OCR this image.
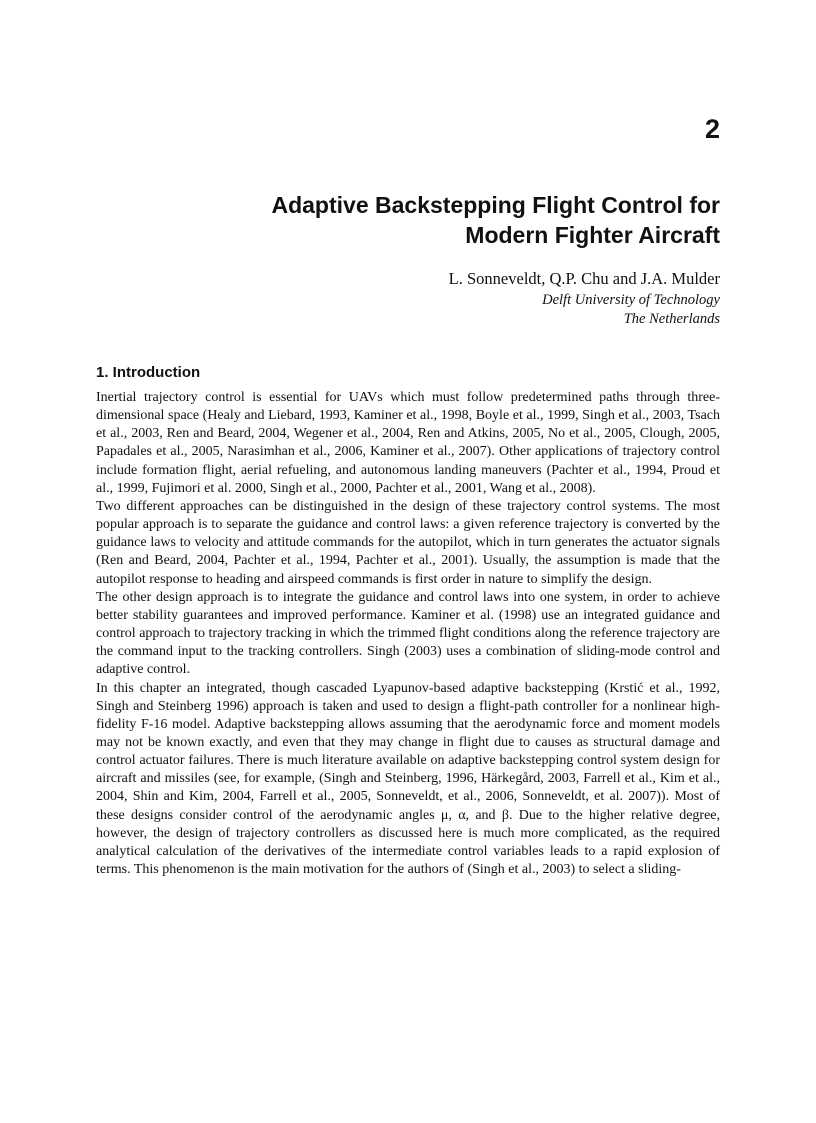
2
Adaptive Backstepping Flight Control for
Modern Fighter Aircraft

L. Sonneveldt, Q.P. Chu and J.A. Mulder

Delft University of Technology
The Netherlands

1. Introduction

Inertial trajectory control is essential for UAVs which must follow predetermined paths through three-dimensional space (Healy and Liebard, 1993, Kaminer et al., 1998, Boyle et al., 1999, Singh et al., 2003, Tsach et al., 2003, Ren and Beard, 2004, Wegener et al., 2004, Ren and Atkins, 2005, No et al., 2005, Clough, 2005, Papadales et al., 2005, Narasimhan et al., 2006, Kaminer et al., 2007). Other applications of trajectory control include formation flight, aerial refueling, and autonomous landing maneuvers (Pachter et al., 1994, Proud et al., 1999, Fujimori et al. 2000, Singh et al., 2000, Pachter et al., 2001, Wang et al., 2008).

Two different approaches can be distinguished in the design of these trajectory control systems. The most popular approach is to separate the guidance and control laws: a given reference trajectory is converted by the guidance laws to velocity and attitude commands for the autopilot, which in turn generates the actuator signals (Ren and Beard, 2004, Pachter et al., 1994, Pachter et al., 2001). Usually, the assumption is made that the autopilot response to heading and airspeed commands is first order in nature to simplify the design.

The other design approach is to integrate the guidance and control laws into one system, in order to achieve better stability guarantees and improved performance. Kaminer et al. (1998) use an integrated guidance and control approach to trajectory tracking in which the trimmed flight conditions along the reference trajectory are the command input to the tracking controllers. Singh (2003) uses a combination of sliding-mode control and adaptive control.

In this chapter an integrated, though cascaded Lyapunov-based adaptive backstepping (Krstić et al., 1992, Singh and Steinberg 1996) approach is taken and used to design a flight-path controller for a nonlinear high-fidelity F-16 model. Adaptive backstepping allows assuming that the aerodynamic force and moment models may not be known exactly, and even that they may change in flight due to causes as structural damage and control actuator failures. There is much literature available on adaptive backstepping control system design for aircraft and missiles (see, for example, (Singh and Steinberg, 1996, Härkegård, 2003, Farrell et al., Kim et al., 2004, Shin and Kim, 2004, Farrell et al., 2005, Sonneveldt, et al., 2006, Sonneveldt, et al. 2007)). Most of these designs consider control of the aerodynamic angles μ, α, and β. Due to the higher relative degree, however, the design of trajectory controllers as discussed here is much more complicated, as the required analytical calculation of the derivatives of the intermediate control variables leads to a rapid explosion of terms. This phenomenon is the main motivation for the authors of (Singh et al., 2003) to select a sliding-
